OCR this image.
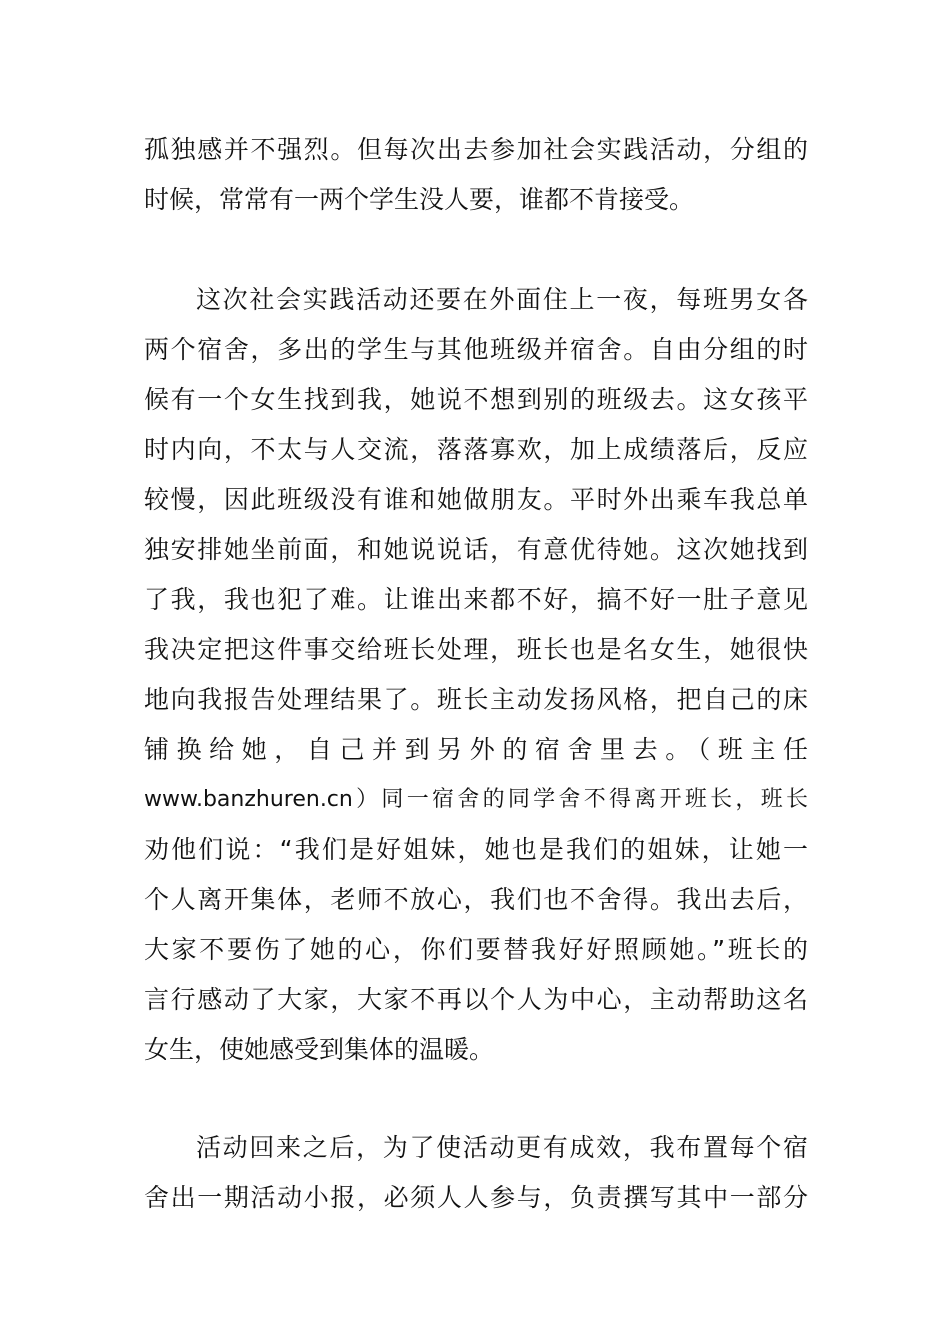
孤独感并不强烈。但每次出去参加社会实践活动，分组的
时候，常常有一两个学生没人要，谁都不肯接受。
这次社会实践活动还要在外面住上一夜，每班男女各
两个宿舍，多出的学生与其他班级并宿舍。自由分组的时
候有一个女生找到我，她说不想到别的班级去。这女孩平
时内向，不太与人交流，落落寡欢，加上成绩落后，反应
较慢，因此班级没有谁和她做朋友。平时外出乘车我总单
独安排她坐前面，和她说说话，有意优待她。这次她找到
了我，我也犯了难。让谁出来都不好，搞不好一肚子意见
我决定把这件事交给班长处理，班长也是名女生，她很快
地向我报告处理结果了。班长主动发扬风格，把自己的床
铺换给她，自己并到另外的宿舍里去。（班主任
www.banzhuren.cn）同一宿舍的同学舍不得离开班长，班长
劝他们说：“我们是好姐妹，她也是我们的姐妹，让她一
个人离开集体，老师不放心，我们也不舍得。我出去后，
大家不要伤了她的心，你们要替我好好照顾她。”班长的
言行感动了大家，大家不再以个人为中心，主动帮助这名
女生，使她感受到集体的温暖。
活动回来之后，为了使活动更有成效，我布置每个宿
舍出一期活动小报，必须人人参与，负责撰写其中一部分
